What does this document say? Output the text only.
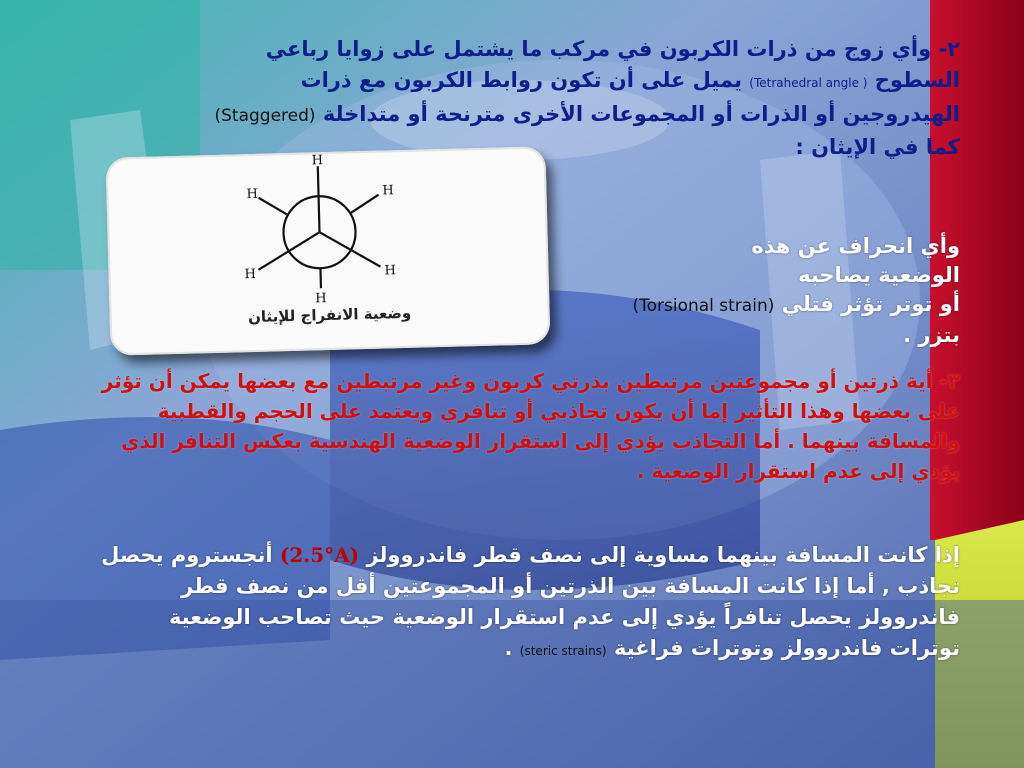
٢- وأي زوج من ذرات الكربون في مركب ما يشتمل على زوايا رباعي
السطوح (Tetrahedral angle ) يميل على أن تكون روابط الكربون مع ذرات
الهيدروجين أو الذرات أو المجموعات الأخرى مترنحة أو متداخلة (Staggered)
كما في الإيثان :
H
H	H
H	H
H
وضعية الانفراج للإيثان
وأي انحراف عن هذه
الوضعية يصاحبه
أو توتر تؤثر فتلي (Torsional strain)
بتزر .
٣- أية ذرتين أو مجموعتين مرتبطين بذرتي كربون وغير مرتبطين مع بعضها يمكن أن تؤثر على بعضها وهذا التأثير إما أن يكون تجاذبي أو تنافري ويعتمد على الحجم والقطبية والمسافة بينهما . أما التجاذب يؤدي إلى استقرار الوضعية الهندسية بعكس التنافر الذي يؤدي إلى عدم استقرار الوضعية .
إذا كانت المسافة بينهما مساوية إلى نصف قطر فاندروولز (2.5°A) أنجستروم يحصل تجاذب , أما إذا كانت المسافة بين الذرتين أو المجموعتين أقل من نصف قطر فاندروولز يحصل تنافراً يؤدي إلى عدم استقرار الوضعية حيث تصاحب الوضعية توترات فاندروولز وتوترات فراغية (steric strains) .
